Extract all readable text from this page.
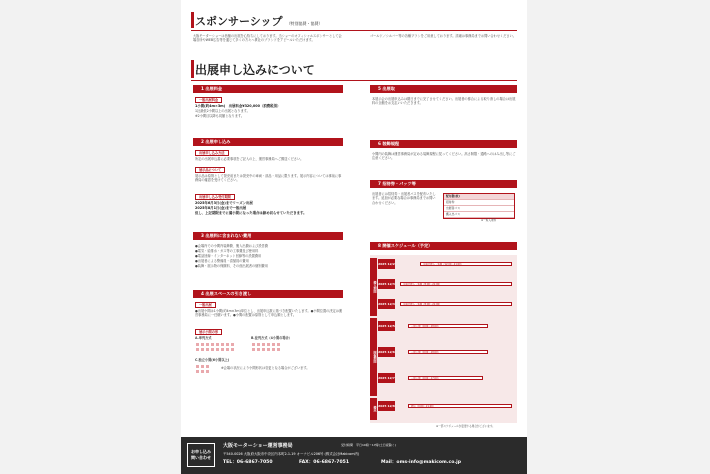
スポンサーシップ （特別協賛・協賛）
大阪モーターショーは皆様の出展を心待ちにしております。当ショーのオフィシャルスポンサーとして会場各所やWEB広告等を通じて多くの方々へ貴社のブランドをアピールいただけます。
ゴールド／シルバー等の各種プランをご用意しております。詳細は事務局までお問い合わせください。
出展申し込みについて
1 出展料金
一般出展料金
1小間(約4m×3m)　出展料金¥320,000（消費税別）
1社最低2小間以上の出展となります。
※2小間目以降も同額となります。
2 出展申し込み
出展申し込み方法
所定の出展申込書に必要事項をご記入の上、運営事務局へご郵送ください。
展示品について
展示品は原則として発売前または発売中の車両・部品・用品に限ります。展示内容については事前に事務局の確認を受けてください。
出展申し込み受付期間
2025年6月3日(金)までリーズン出展
2025年8月1日(金)まで一般出展
但し、上記期限までに満小間になった場合は締め切らせていただきます。
3 出展料に含まれない費用
●会場内での小間内装飾費、搬入出費および設営費
●電気・給排水・ガス等の工事費及び使用料
●電話回線・インターネット回線等の設置費用
●出展者による警備員・清掃員の費用
●装飾・展示物の保険料、その他出展者の個別費用
4 出展スペースの引き渡し
一般出展
●出展小間は1小間(約4m×3m)単位とし、出展申込数に基づき配置いたします。●小間位置の決定は運営事務局に一任願います。●小間の配置は原則として申込順とします。
展示小間の形
A.単列方式	B.並列方式（4小間の場合）
C.独立小間(6小間以上)
※会場の状況により小間形状は変更となる場合がございます。
5 出展取
本展示会の出展申込みは期日までに完了させてください。出展者の都合による取り消しの場合は出展料の全額をお支払いいただきます。
6 装飾規程
小間内の装飾は運営事務局が定める装飾規程に従ってください。高さ制限・通路へのはみ出し等にご注意ください。
7 招待券・パッツ等
出展者には招待券・出展者パスを配布いたします。追加が必要な場合は事務局までお問い合わせください。
配布数(枚)
招待券
出展者パス
搬入出パス
※一般入場券
8 開催スケジュール（予定）
搬入期間
開催期間
搬出
2025 12/2	出展者搬入・装飾（12:00〜21:00）
2025 12/3	出展者搬入・装飾（8:00〜21:00）
2025 12/4	出展者搬入・装飾（8:00〜21:00）
2025 12/5	一般公開（9:00〜18:00）
2025 12/6	一般公開（9:00〜18:00）
2025 12/7	一般公開（9:00〜17:00）
2025 12/8	搬出（9:00〜21:00）
※一部スケジュールが変更する場合がございます。
お申し込み
問い合わせ
大阪モーターショー運営事務局	受付時間　平日10時〜17時(土日祝除く)
〒540-0026 大阪府大阪市中央区内本町2-1-19 オーナビル206号 (株式会社Makicom内)
TEL：06-6867-7050	FAX：06-6867-7051	Mail：oms-info@makicom.co.jp
